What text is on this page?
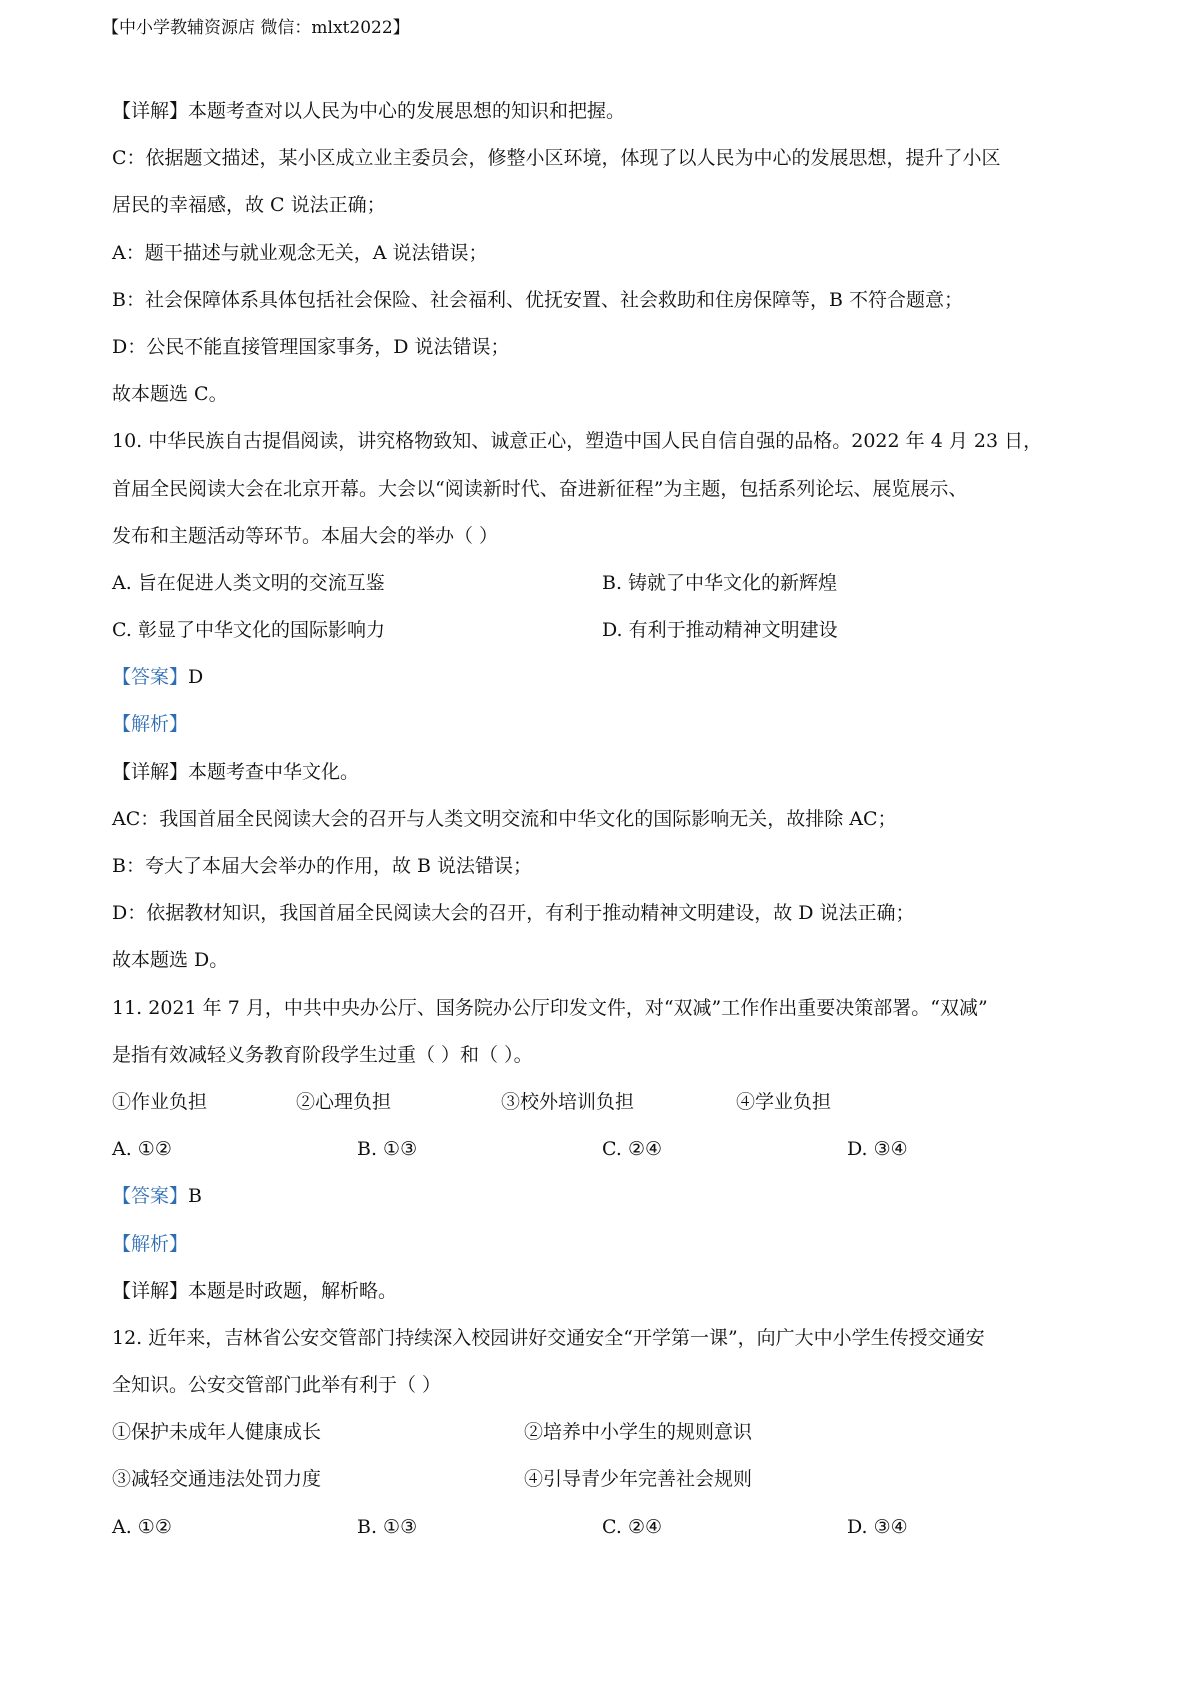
【中小学教辅资源店 微信：mlxt2022】
【详解】本题考查对以人民为中心的发展思想的知识和把握。
C：依据题文描述，某小区成立业主委员会，修整小区环境，体现了以人民为中心的发展思想，提升了小区
居民的幸福感，故 C 说法正确；
A：题干描述与就业观念无关，A 说法错误；
B：社会保障体系具体包括社会保险、社会福利、优抚安置、社会救助和住房保障等，B 不符合题意；
D：公民不能直接管理国家事务，D 说法错误；
故本题选 C。
10. 中华民族自古提倡阅读，讲究格物致知、诚意正心，塑造中国人民自信自强的品格。2022 年 4 月 23 日，
首届全民阅读大会在北京开幕。大会以“阅读新时代、奋进新征程”为主题，包括系列论坛、展览展示、
发布和主题活动等环节。本届大会的举办（ ）
A. 旨在促进人类文明的交流互鉴	B. 铸就了中华文化的新辉煌
C. 彰显了中华文化的国际影响力	D. 有利于推动精神文明建设
【答案】D
【解析】
【详解】本题考查中华文化。
AC：我国首届全民阅读大会的召开与人类文明交流和中华文化的国际影响无关，故排除 AC；
B：夸大了本届大会举办的作用，故 B 说法错误；
D：依据教材知识，我国首届全民阅读大会的召开，有利于推动精神文明建设，故 D 说法正确；
故本题选 D。
11. 2021 年 7 月，中共中央办公厅、国务院办公厅印发文件，对“双减”工作作出重要决策部署。“双减”
是指有效减轻义务教育阶段学生过重（ ）和（ ）。
①作业负担	②心理负担	③校外培训负担	④学业负担
A. ①②	B. ①③	C. ②④	D. ③④
【答案】B
【解析】
【详解】本题是时政题，解析略。
12. 近年来，吉林省公安交管部门持续深入校园讲好交通安全“开学第一课”，向广大中小学生传授交通安
全知识。公安交管部门此举有利于（ ）
①保护未成年人健康成长	②培养中小学生的规则意识
③减轻交通违法处罚力度	④引导青少年完善社会规则
A. ①②	B. ①③	C. ②④	D. ③④
